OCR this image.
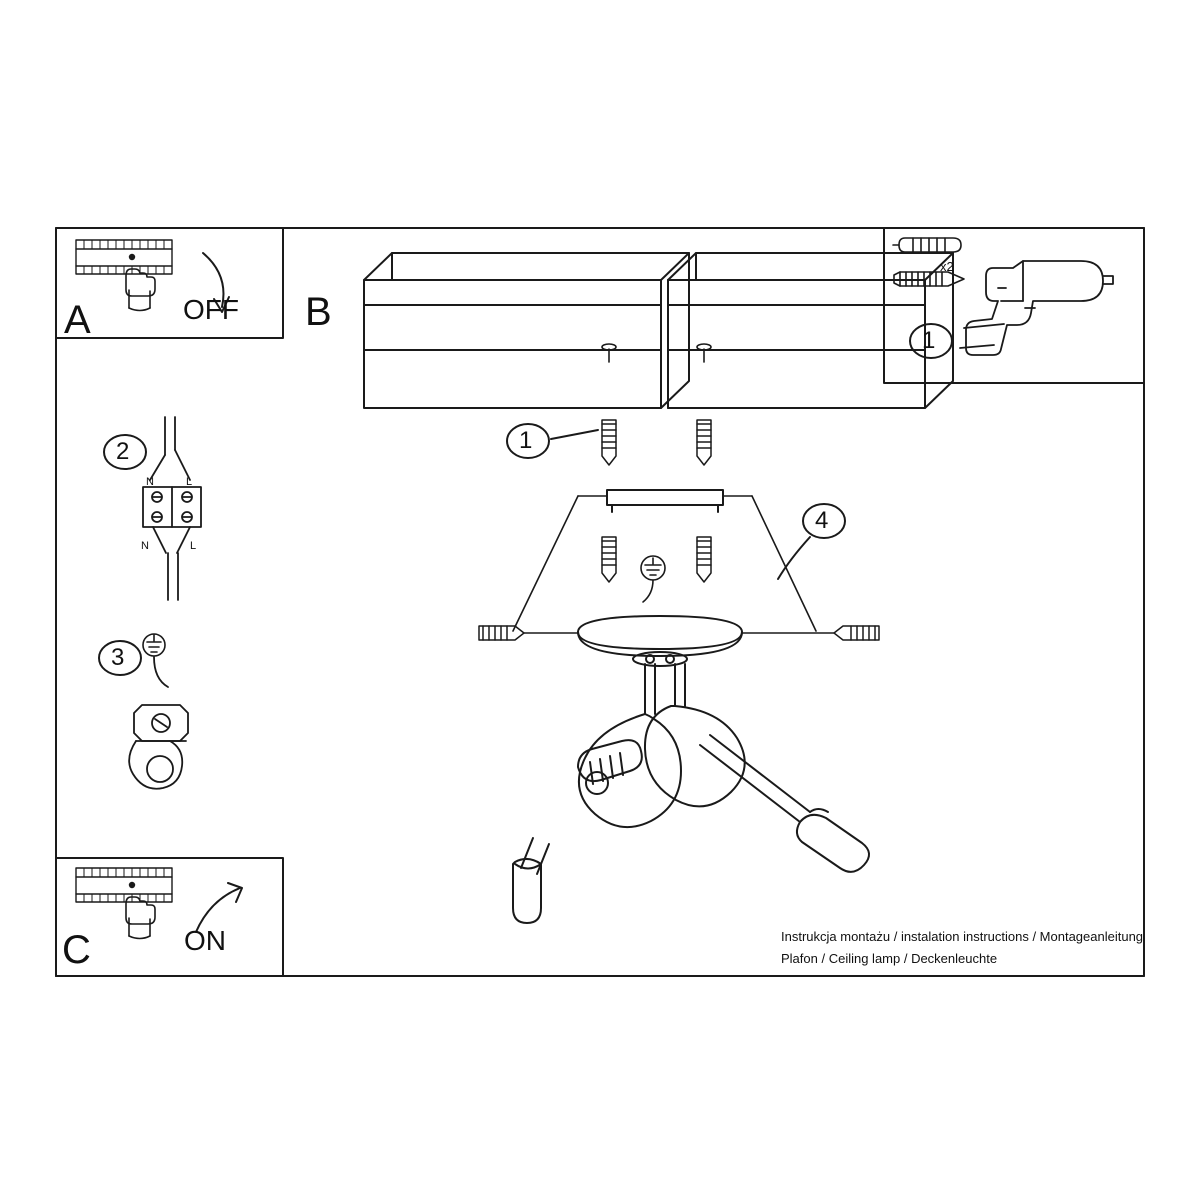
A	OFF B
C	ON
2
3
1
4
1
x2
N	L
N	L
Instrukcja montażu / instalation instructions / Montageanleitung
Plafon / Ceiling lamp / Deckenleuchte
